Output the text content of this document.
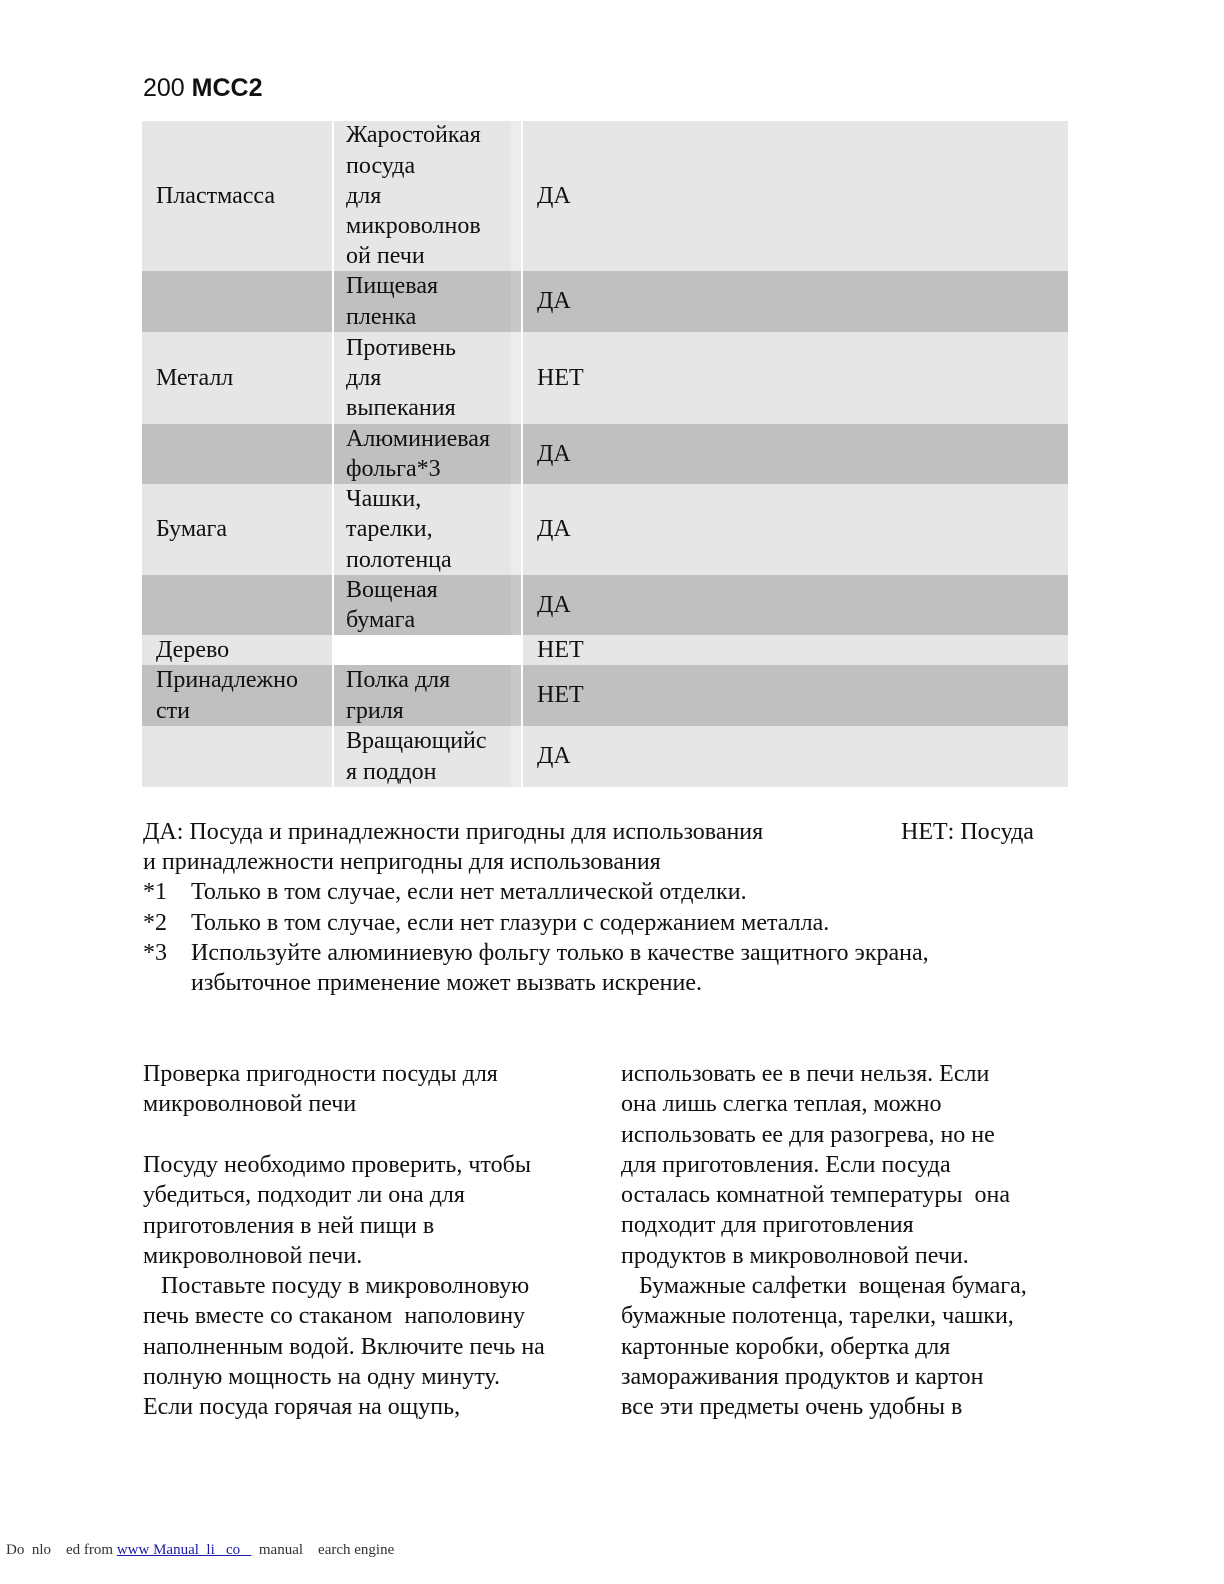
200 MCC2
Пластмасса
Жаростойкая
посуда
для
микроволнов
ой печи
ДА
Пищевая
пленка
ДА
Металл
Противень
для
выпекания
НЕТ
Алюминиевая
фольга*3
ДА
Бумага
Чашки,
тарелки,
полотенца
ДА
Вощеная
бумага
ДА
Дерево	НЕТ
Принадлежно
сти
Полка для
гриля
НЕТ
Вращающийс
я поддон
ДА
ДА: Посуда и принадлежности пригодны для использования	НЕТ: Посуда
и принадлежности непригодны для использования
*1 Только в том случае, если нет металлической отделки.
*2 Только в том случае, если нет глазури с содержанием металла.
*3 Используйте алюминиевую фольгу только в качестве защитного экрана,
избыточное применение может вызвать искрение.
Проверка пригодности посуды для
микроволновой печи
Посуду необходимо проверить, чтобы
убедиться, подходит ли она для
приготовления в ней пищи в
микроволновой печи.
Поставьте посуду в микроволновую
печь вместе со стаканом  наполовину
наполненным водой. Включите печь на
полную мощность на одну минуту.
Если посуда горячая на ощупь,
использовать ее в печи нельзя. Если
она лишь слегка теплая, можно
использовать ее для разогрева, но не
для приготовления. Если посуда
осталась комнатной температуры  она
подходит для приготовления
продуктов в микроволновой печи.
Бумажные салфетки  вощеная бумага,
бумажные полотенца, тарелки, чашки,
картонные коробки, обертка для
замораживания продуктов и картон
все эти предметы очень удобны в
Do  nlo    ed from www Manual  li   co     manual    earch engine
